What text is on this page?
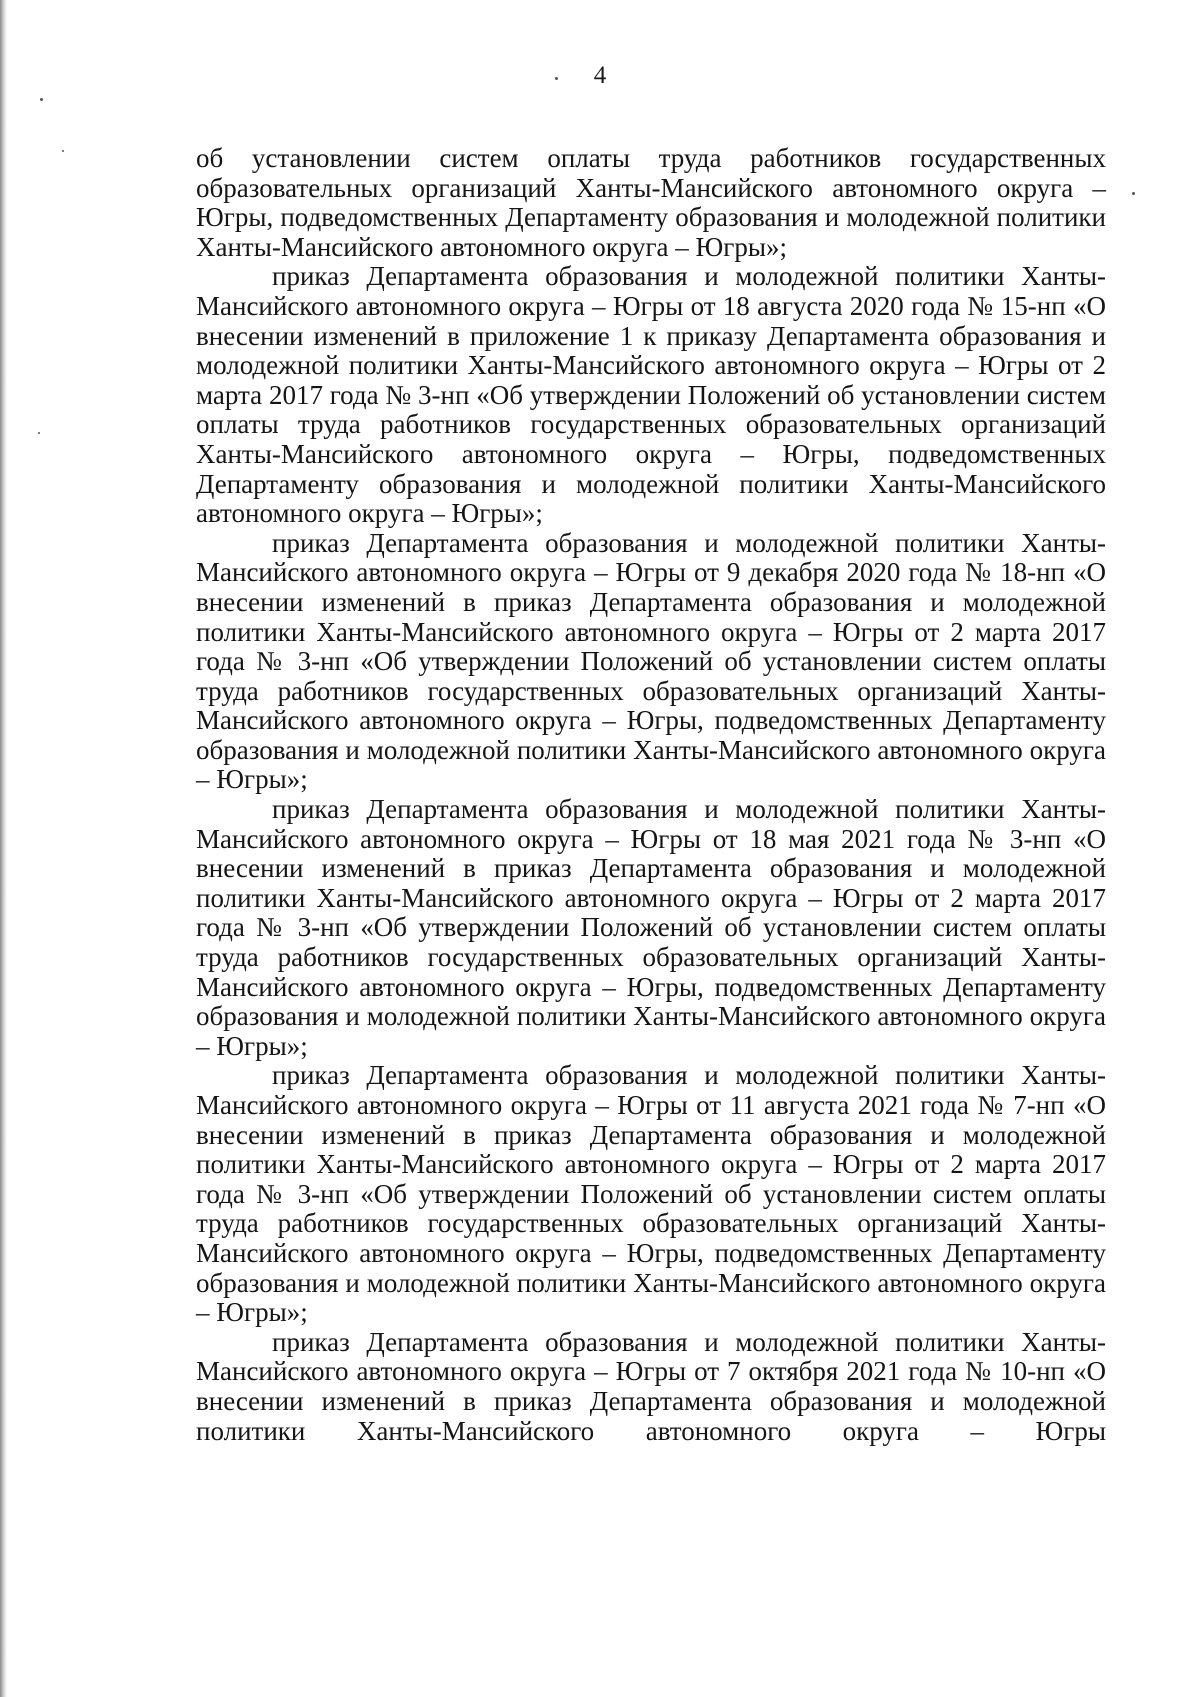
4

об установлении систем оплаты труда работников государственных образовательных организаций Ханты-Мансийского автономного округа – Югры, подведомственных Департаменту образования и молодежной политики Ханты-Мансийского автономного округа – Югры»;

приказ Департамента образования и молодежной политики Ханты-Мансийского автономного округа – Югры от 18 августа 2020 года № 15-нп «О внесении изменений в приложение 1 к приказу Департамента образования и молодежной политики Ханты-Мансийского автономного округа – Югры от 2 марта 2017 года № 3-нп «Об утверждении Положений об установлении систем оплаты труда работников государственных образовательных организаций Ханты-Мансийского автономного округа – Югры, подведомственных Департаменту образования и молодежной политики Ханты-Мансийского автономного округа – Югры»;

приказ Департамента образования и молодежной политики Ханты-Мансийского автономного округа – Югры от 9 декабря 2020 года № 18-нп «О внесении изменений в приказ Департамента образования и молодежной политики Ханты-Мансийского автономного округа – Югры от 2 марта 2017 года № 3-нп «Об утверждении Положений об установлении систем оплаты труда работников государственных образовательных организаций Ханты-Мансийского автономного округа – Югры, подведомственных Департаменту образования и молодежной политики Ханты-Мансийского автономного округа – Югры»;

приказ Департамента образования и молодежной политики Ханты-Мансийского автономного округа – Югры от 18 мая 2021 года № 3-нп «О внесении изменений в приказ Департамента образования и молодежной политики Ханты-Мансийского автономного округа – Югры от 2 марта 2017 года № 3-нп «Об утверждении Положений об установлении систем оплаты труда работников государственных образовательных организаций Ханты-Мансийского автономного округа – Югры, подведомственных Департаменту образования и молодежной политики Ханты-Мансийского автономного округа – Югры»;

приказ Департамента образования и молодежной политики Ханты-Мансийского автономного округа – Югры от 11 августа 2021 года № 7-нп «О внесении изменений в приказ Департамента образования и молодежной политики Ханты-Мансийского автономного округа – Югры от 2 марта 2017 года № 3-нп «Об утверждении Положений об установлении систем оплаты труда работников государственных образовательных организаций Ханты-Мансийского автономного округа – Югры, подведомственных Департаменту образования и молодежной политики Ханты-Мансийского автономного округа – Югры»;

приказ Департамента образования и молодежной политики Ханты-Мансийского автономного округа – Югры от 7 октября 2021 года № 10-нп «О внесении изменений в приказ Департамента образования и молодежной политики Ханты-Мансийского автономного округа – Югры
